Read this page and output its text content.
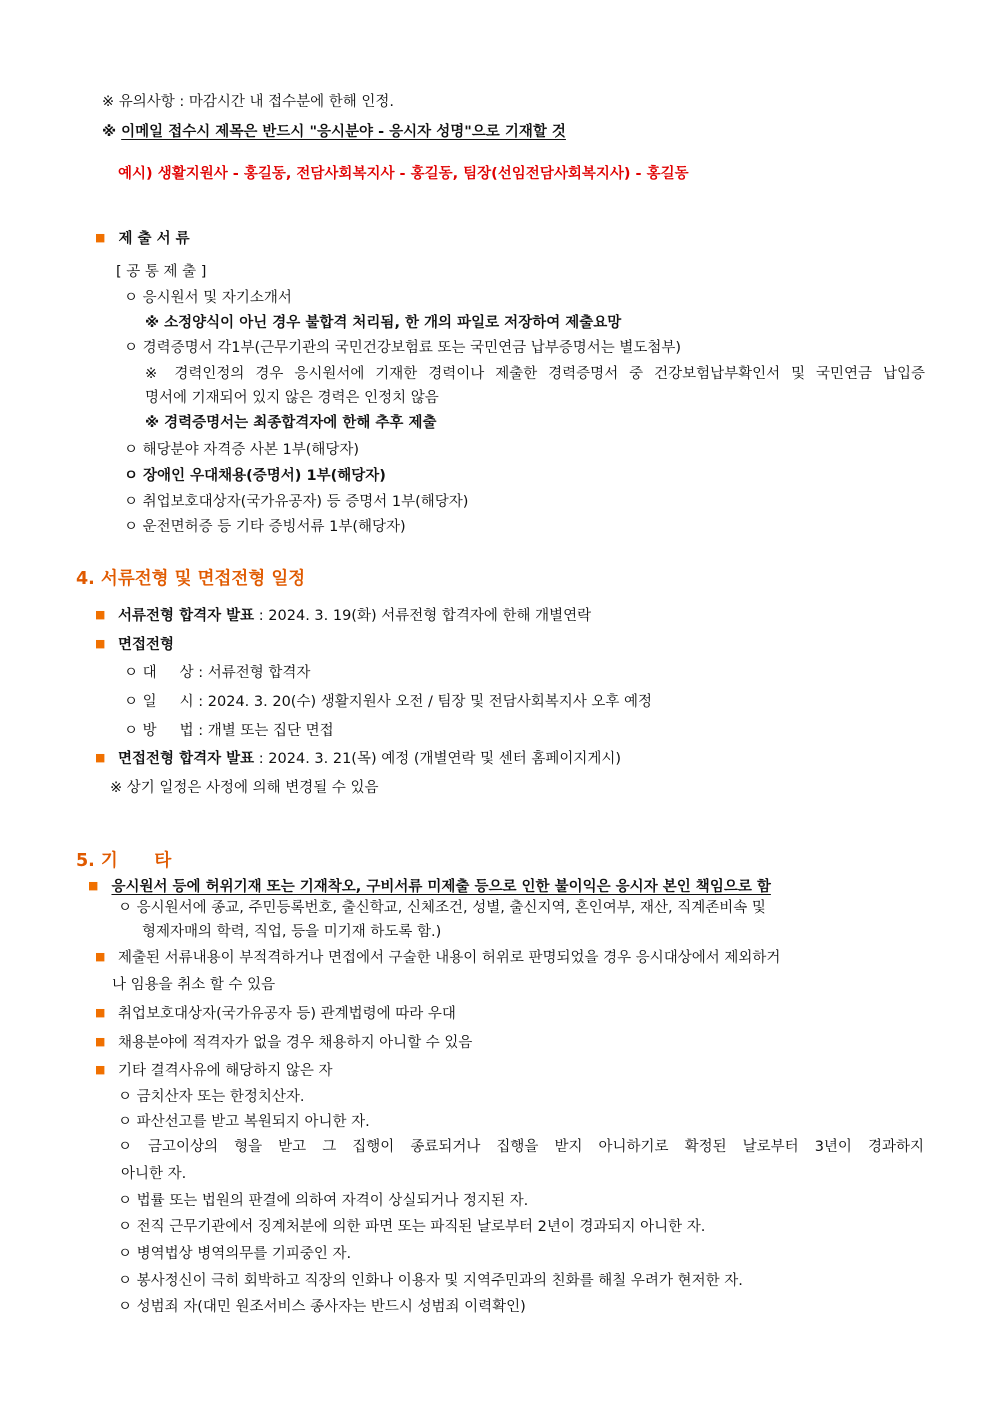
※ 유의사항 : 마감시간 내 접수분에 한해 인정.
※ 이메일 접수시 제목은 반드시 "응시분야 - 응시자 성명"으로 기재할 것
예시) 생활지원사 - 홍길동, 전담사회복지사 - 홍길동, 팀장(선임전담사회복지사) - 홍길동
■ 제 출 서 류
[ 공 통 제 출 ]
ㅇ 응시원서 및 자기소개서
※ 소정양식이 아닌 경우 불합격 처리됨, 한 개의 파일로 저장하여 제출요망
ㅇ 경력증명서 각1부(근무기관의 국민건강보험료 또는 국민연금 납부증명서는 별도첨부)
※ 경력인정의 경우 응시원서에 기재한 경력이나 제출한 경력증명서 중 건강보험납부확인서 및 국민연금 납입증
명서에 기재되어 있지 않은 경력은 인정치 않음
※ 경력증명서는 최종합격자에 한해 추후 제출
ㅇ 해당분야 자격증 사본 1부(해당자)
ㅇ 장애인 우대채용(증명서) 1부(해당자)
ㅇ 취업보호대상자(국가유공자) 등 증명서 1부(해당자)
ㅇ 운전면허증 등 기타 증빙서류 1부(해당자)
4. 서류전형 및 면접전형 일정
■ 서류전형 합격자 발표 : 2024. 3. 19(화) 서류전형 합격자에 한해 개별연락
■ 면접전형
ㅇ 대     상 : 서류전형 합격자
ㅇ 일     시 : 2024. 3. 20(수) 생활지원사 오전 / 팀장 및 전담사회복지사 오후 예정
ㅇ 방     법 : 개별 또는 집단 면접
■ 면접전형 합격자 발표 : 2024. 3. 21(목) 예정 (개별연락 및 센터 홈페이지게시)
※ 상기 일정은 사정에 의해 변경될 수 있음
5. 기      타
■ 응시원서 등에 허위기재 또는 기재착오, 구비서류 미제출 등으로 인한 불이익은 응시자 본인 책임으로 함
ㅇ 응시원서에 종교, 주민등록번호, 출신학교, 신체조건, 성별, 출신지역, 혼인여부, 재산, 직계존비속 및
형제자매의 학력, 직업, 등을 미기재 하도록 함.)
■ 제출된 서류내용이 부적격하거나 면접에서 구술한 내용이 허위로 판명되었을 경우 응시대상에서 제외하거
나 임용을 취소 할 수 있음
■ 취업보호대상자(국가유공자 등) 관계법령에 따라 우대
■ 채용분야에 적격자가 없을 경우 채용하지 아니할 수 있음
■ 기타 결격사유에 해당하지 않은 자
ㅇ 금치산자 또는 한정치산자.
ㅇ 파산선고를 받고 복원되지 아니한 자.
ㅇ 금고이상의 형을 받고 그 집행이 종료되거나 집행을 받지 아니하기로 확정된 날로부터 3년이 경과하지
아니한 자.
ㅇ 법률 또는 법원의 판결에 의하여 자격이 상실되거나 정지된 자.
ㅇ 전직 근무기관에서 징계처분에 의한 파면 또는 파직된 날로부터 2년이 경과되지 아니한 자.
ㅇ 병역법상 병역의무를 기피중인 자.
ㅇ 봉사정신이 극히 회박하고 직장의 인화나 이용자 및 지역주민과의 친화를 해칠 우려가 현저한 자.
ㅇ 성범죄 자(대민 원조서비스 종사자는 반드시 성범죄 이력확인)
